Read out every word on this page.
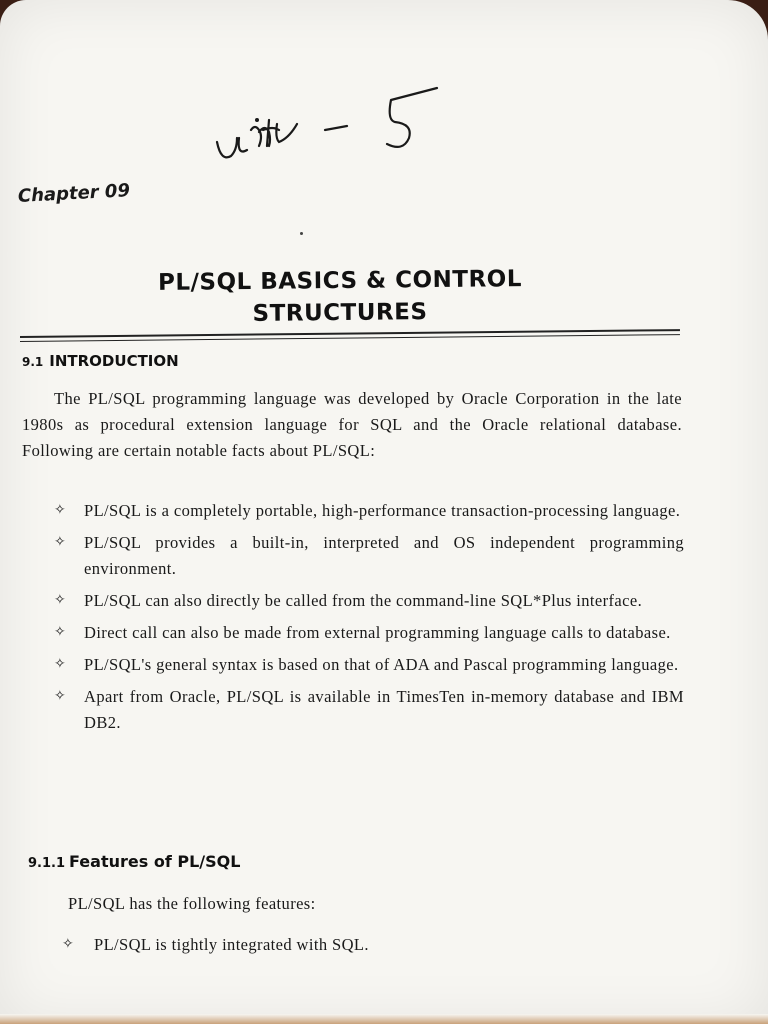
Chapter 09
PL/SQL BASICS & CONTROL
STRUCTURES
9.1 INTRODUCTION
The PL/SQL programming language was developed by Oracle Corporation in the late 1980s as procedural extension language for SQL and the Oracle relational database. Following are certain notable facts about PL/SQL:
✧ PL/SQL is a completely portable, high-performance transaction-processing language.
✧ PL/SQL provides a built-in, interpreted and OS independent programming environment.
✧ PL/SQL can also directly be called from the command-line SQL*Plus interface.
✧ Direct call can also be made from external programming language calls to database.
✧ PL/SQL's general syntax is based on that of ADA and Pascal programming language.
✧ Apart from Oracle, PL/SQL is available in TimesTen in-memory database and IBM DB2.
9.1.1 Features of PL/SQL
PL/SQL has the following features:
✧ PL/SQL is tightly integrated with SQL.
